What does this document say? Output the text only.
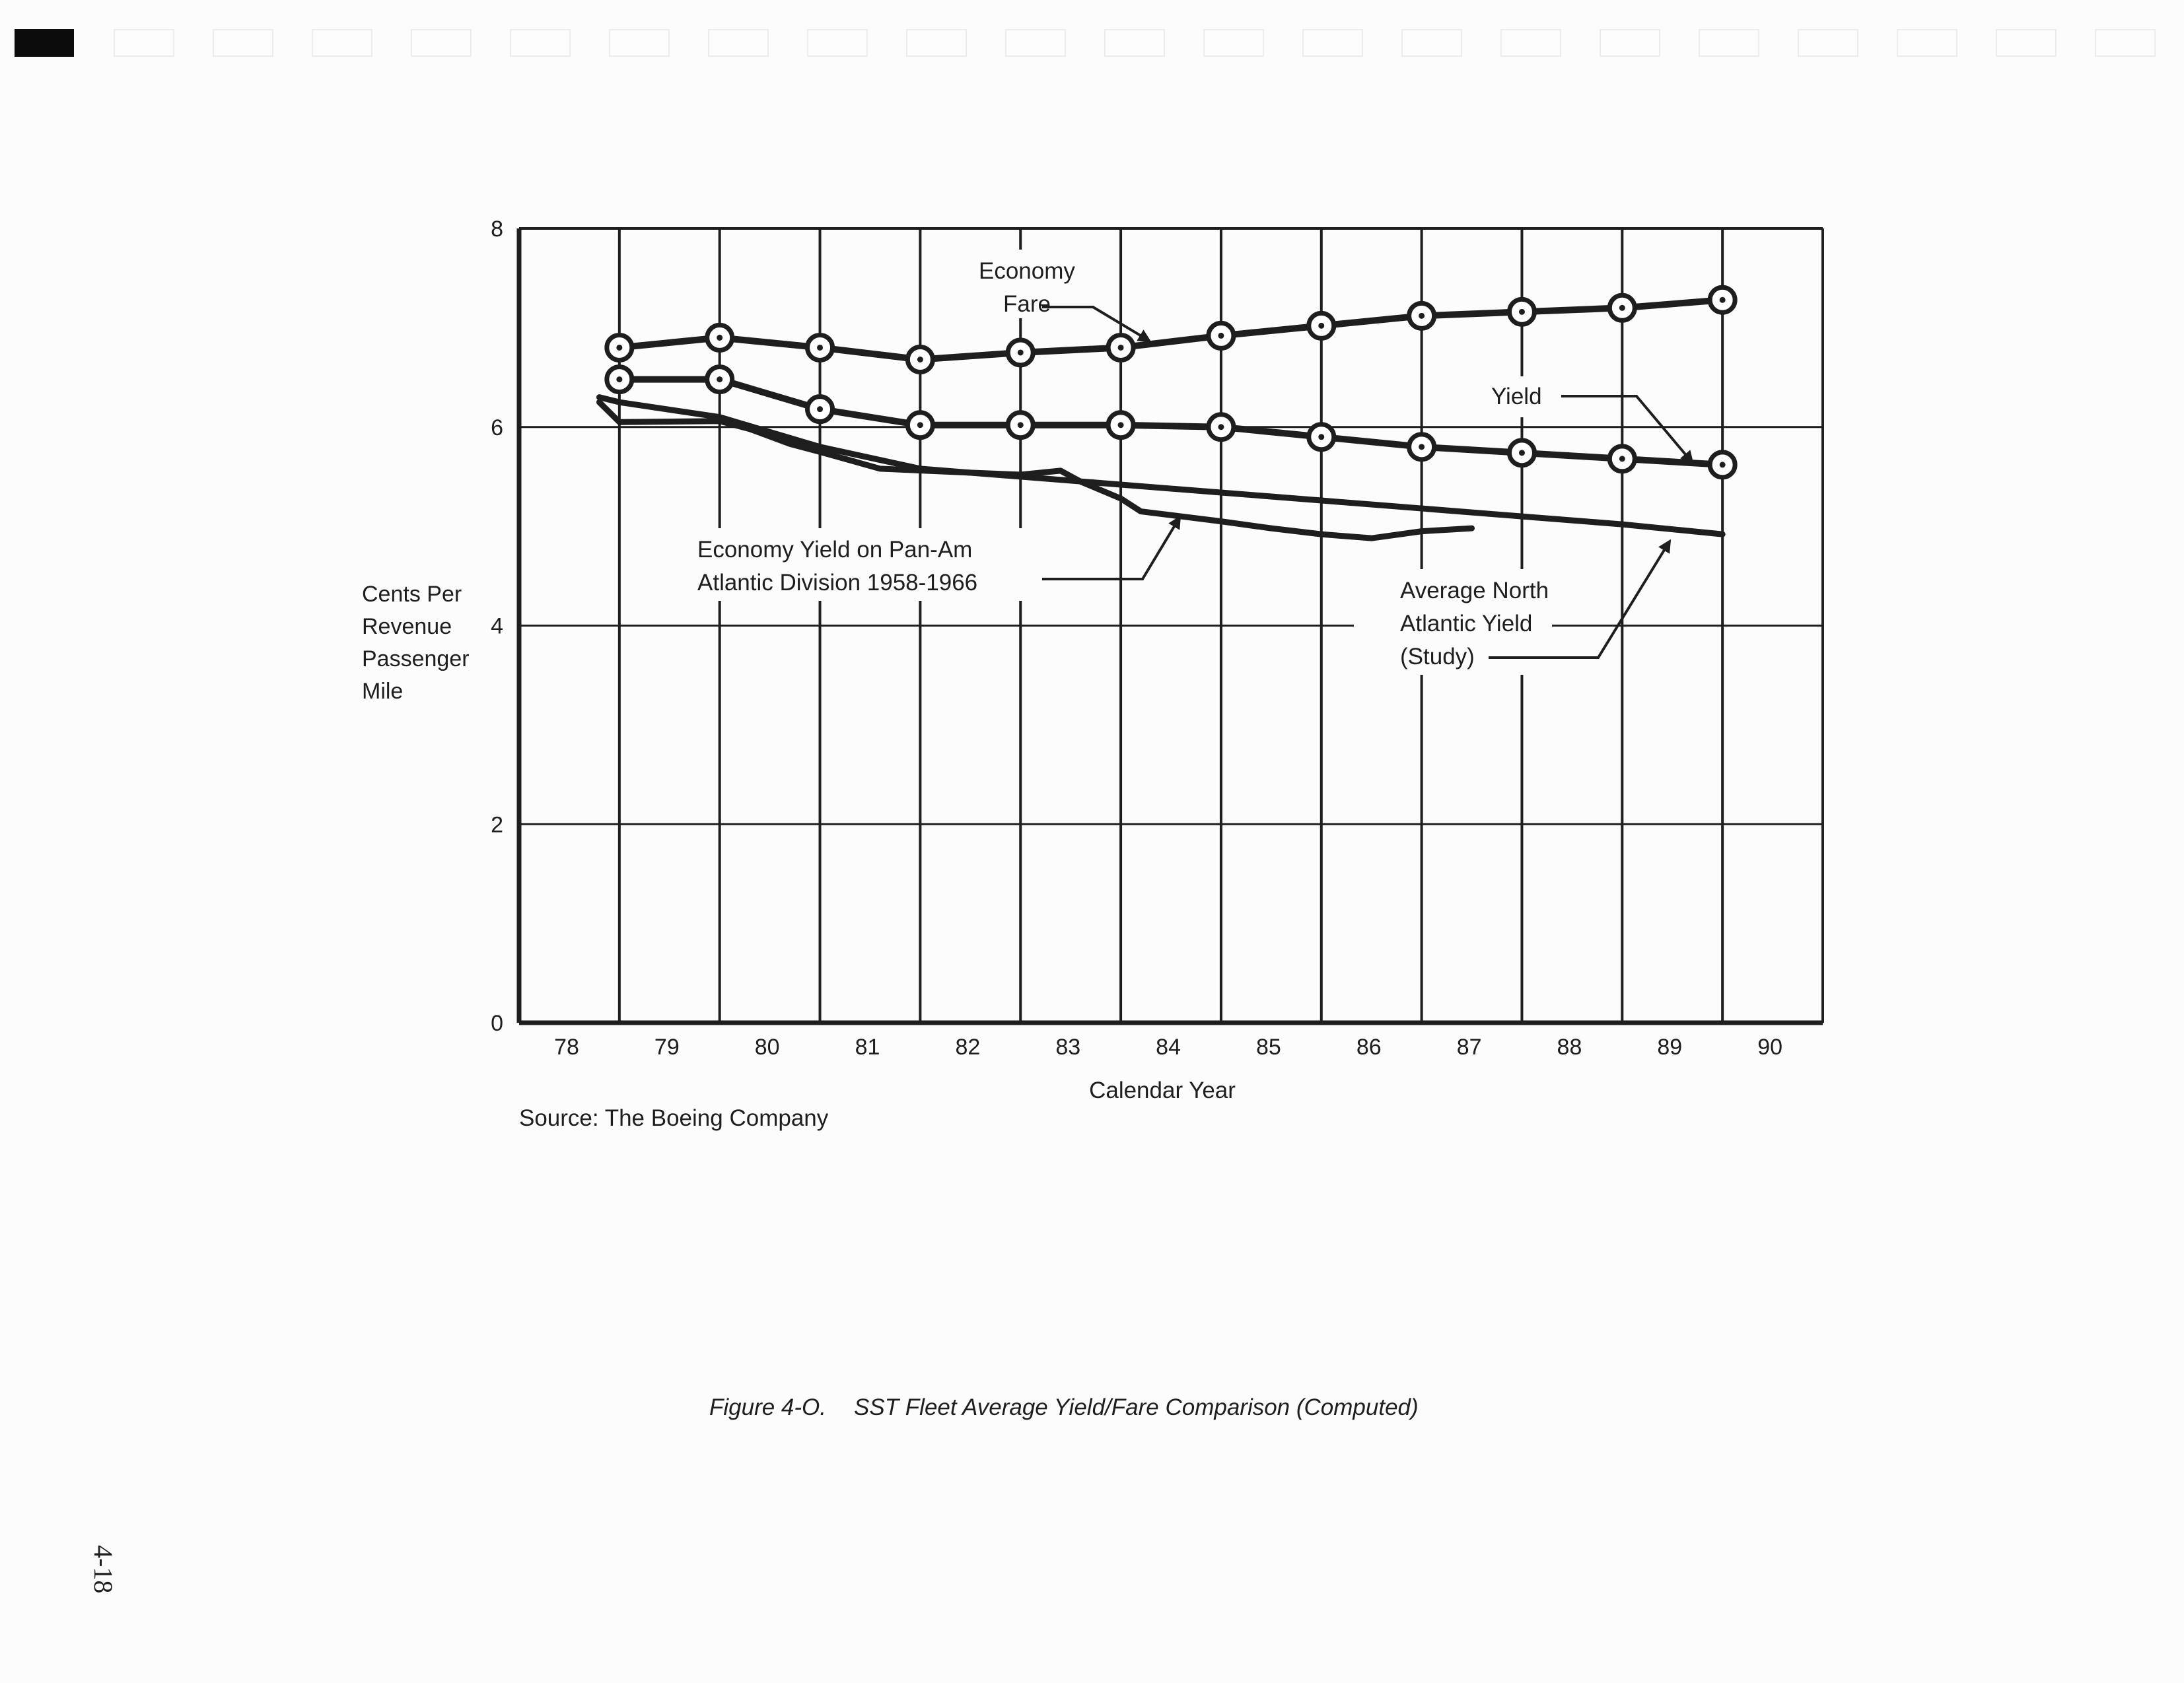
78	79	80	81	82	83	84	85	86	87	88	89	90
0
2
4
6
8
Cents Per
Revenue
Passenger
Mile
Calendar Year
Economy
Fare
Yield
Economy Yield on Pan-Am
Atlantic Division 1958-1966	Average North
Atlantic Yield
(Study)
Source: The Boeing Company
Figure 4-O. SST Fleet Average Yield/Fare Comparison (Computed)
4-18
